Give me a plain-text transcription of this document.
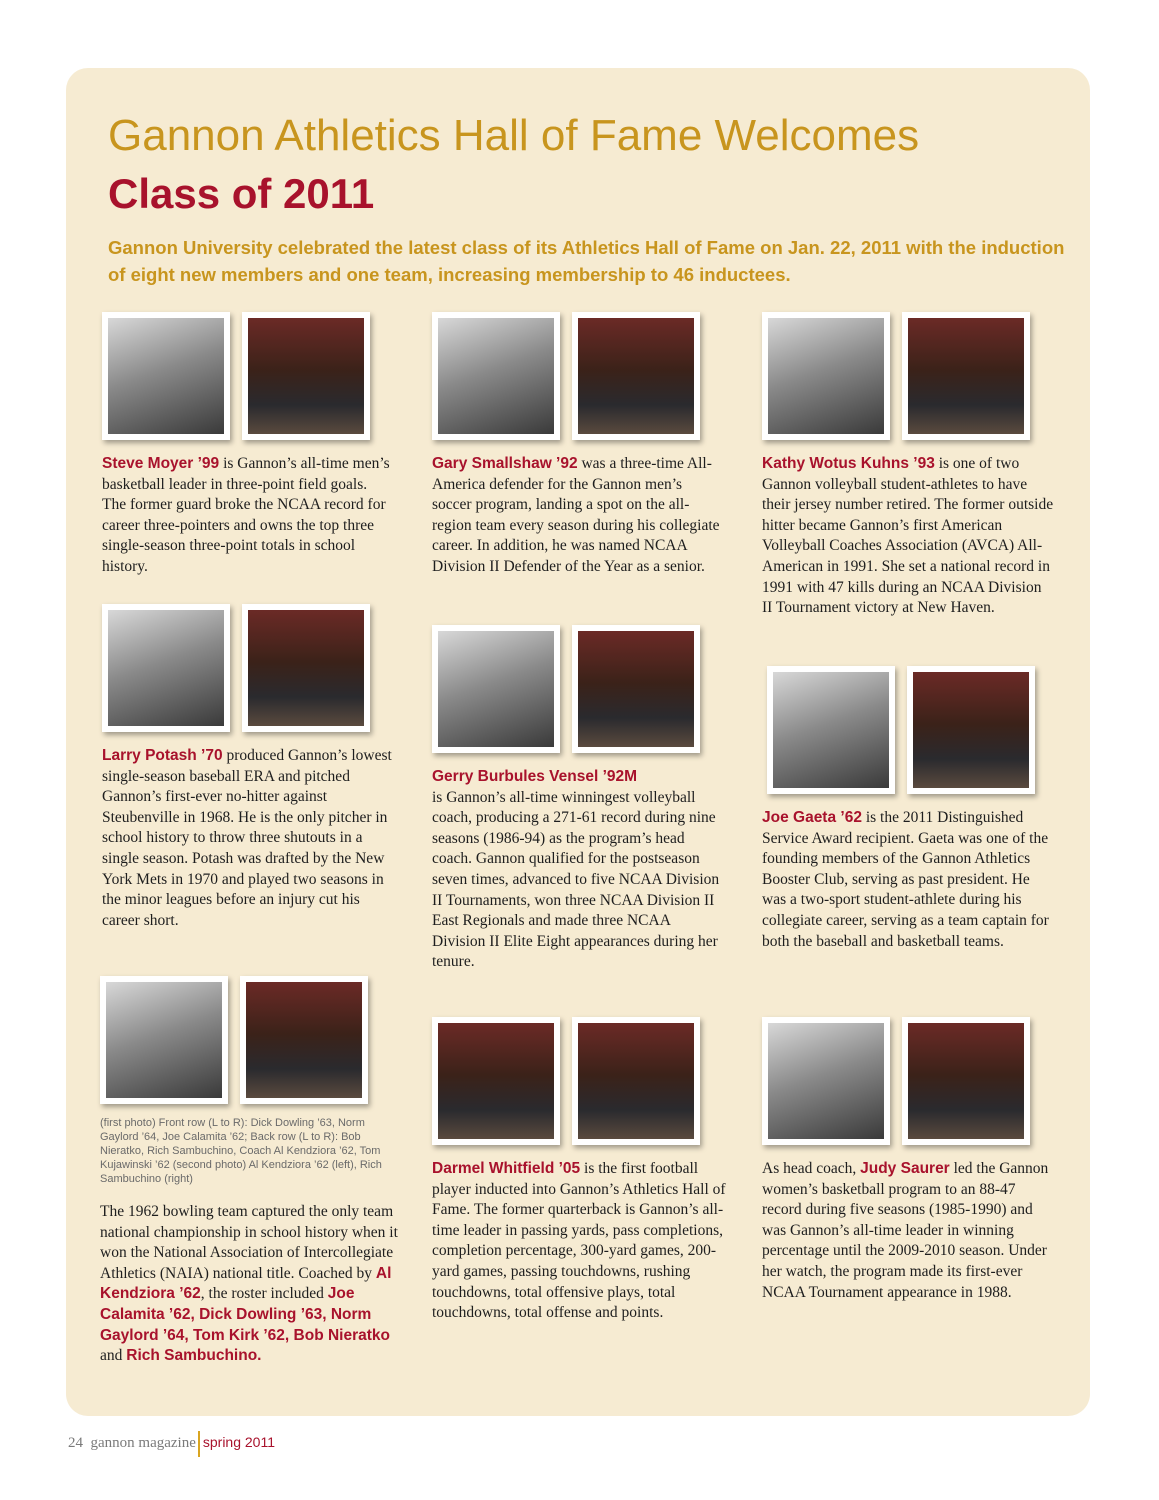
Gannon Athletics Hall of Fame Welcomes
Class of 2011

Gannon University celebrated the latest class of its Athletics Hall of Fame on Jan. 22, 2011 with the induction of eight new members and one team, increasing membership to 46 inductees.

Steve Moyer ’99 is Gannon’s all-time men’s basketball leader in three-point field goals. The former guard broke the NCAA record for career three-pointers and owns the top three single-season three-point totals in school history.

Larry Potash ’70 produced Gannon’s lowest single-season baseball ERA and pitched Gannon’s first-ever no-hitter against Steubenville in 1968. He is the only pitcher in school history to throw three shutouts in a single season. Potash was drafted by the New York Mets in 1970 and played two seasons in the minor leagues before an injury cut his career short.

(first photo) Front row (L to R): Dick Dowling ’63, Norm Gaylord ’64, Joe Calamita ’62; Back row (L to R): Bob Nieratko, Rich Sambuchino, Coach Al Kendziora ’62, Tom Kujawinski ’62 (second photo) Al Kendziora ’62 (left), Rich Sambuchino (right)

The 1962 bowling team captured the only team national championship in school history when it won the National Association of Intercollegiate Athletics (NAIA) national title. Coached by Al Kendziora ’62, the roster included Joe Calamita ’62, Dick Dowling ’63, Norm Gaylord ’64, Tom Kirk ’62, Bob Nieratko and Rich Sambuchino.

Gary Smallshaw ’92 was a three-time All-America defender for the Gannon men’s soccer program, landing a spot on the all-region team every season during his collegiate career. In addition, he was named NCAA Division II Defender of the Year as a senior.

Gerry Burbules Vensel ’92M
is Gannon’s all-time winningest volleyball coach, producing a 271-61 record during nine seasons (1986-94) as the program’s head coach. Gannon qualified for the postseason seven times, advanced to five NCAA Division II Tournaments, won three NCAA Division II East Regionals and made three NCAA Division II Elite Eight appearances during her tenure.

Darmel Whitfield ’05 is the first football player inducted into Gannon’s Athletics Hall of Fame. The former quarterback is Gannon’s all-time leader in passing yards, pass completions, completion percentage, 300-yard games, 200-yard games, passing touchdowns, rushing touchdowns, total offensive plays, total touchdowns, total offense and points.

Kathy Wotus Kuhns ’93 is one of two Gannon volleyball student-athletes to have their jersey number retired. The former outside hitter became Gannon’s first American Volleyball Coaches Association (AVCA) All-American in 1991. She set a national record in 1991 with 47 kills during an NCAA Division II Tournament victory at New Haven.

Joe Gaeta ’62 is the 2011 Distinguished Service Award recipient. Gaeta was one of the founding members of the Gannon Athletics Booster Club, serving as past president. He was a two-sport student-athlete during his collegiate career, serving as a team captain for both the baseball and basketball teams.

As head coach, Judy Saurer led the Gannon women’s basketball program to an 88-47 record during five seasons (1985-1990) and was Gannon’s all-time leader in winning percentage until the 2009-2010 season. Under her watch, the program made its first-ever NCAA Tournament appearance in 1988.

24 gannon magazine spring 2011
